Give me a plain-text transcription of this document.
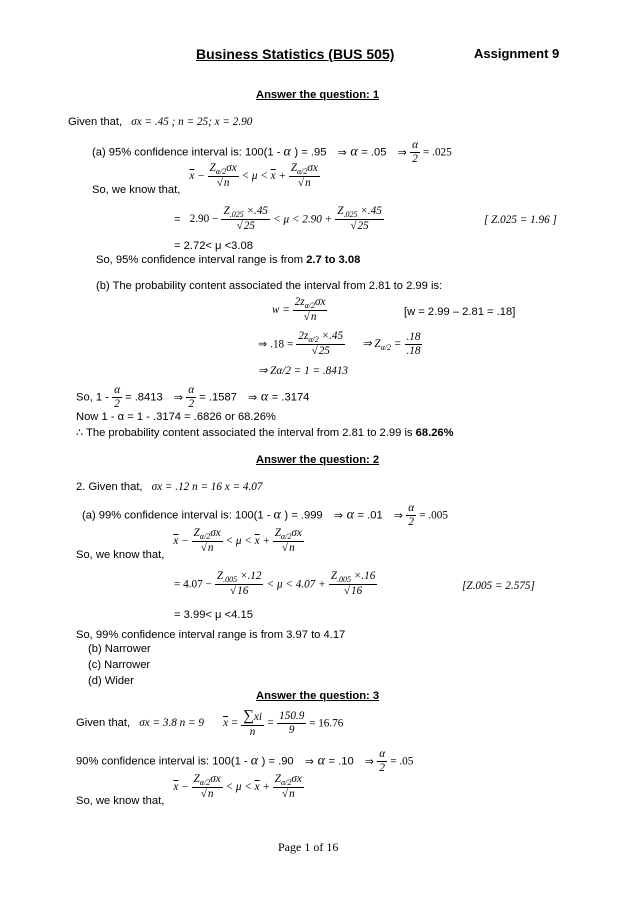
Business Statistics (BUS 505)	Assignment 9
Answer the question: 1
Given that, σx = .45 ; n = 25; x = 2.90
(a) 95% confidence interval is: 100(1 - α ) = .95 ⇒ α = .05 ⇒ $\frac{\alpha}{2} = .025$
So, we know that, $\overline{x} - \frac{Z_{\alpha/2}\sigma x}{√n} < \mu < \overline{x} + \frac{Z_{\alpha/2}\sigma x}{√n}$
= $2.90 - \frac{Z_{.025} \times.45}{√25} < \mu < 2.90 + \frac{Z_{.025} \times.45}{√25}$	[ Z.025 = 1.96 ]
= 2.72< μ <3.08
So, 95% confidence interval range is from 2.7 to 3.08
(b) The probability content associated the interval from 2.81 to 2.99 is:
$w = \frac{2z_{\alpha/2}\sigma x}{√n}$	[w = 2.99 – 2.81 = .18]
⇒ $.18 = \frac{2z_{\alpha/2} \times.45}{√25}$ ⇒ $Z_{\alpha/2} = \frac{.18}{.18}$
⇒ Zα/2 = 1 = .8413
So, $1 - \frac{\alpha}{2} = .8413$ ⇒ $\frac{\alpha}{2} = .1587$ ⇒ α = .3174
Now 1 - α = 1 - .3174 = .6826 or 68.26%
∴ The probability content associated the interval from 2.81 to 2.99 is 68.26%
Answer the question: 2
2. Given that, σx = .12 n = 16 x = 4.07
(a) 99% confidence interval is: 100(1 - α ) = .999 ⇒ α = .01 ⇒ $\frac{\alpha}{2} = .005$
So, we know that, $\overline{x} - \frac{Z_{\alpha/2}\sigma x}{√n} < \mu < \overline{x} + \frac{Z_{\alpha/2}\sigma x}{√n}$
= $4.07 - \frac{Z_{.005} \times.12}{√16} < \mu < 4.07 + \frac{Z_{.005} \times.16}{√16}$	[Z.005 = 2.575]
= 3.99< μ <4.15
So, 99% confidence interval range is from 3.97 to 4.17
(b) Narrower
(c) Narrower
(d) Wider
Answer the question: 3
Given that, σx = 3.8 n = 9 $\overline{x} = \frac{\sum xi}{n} = \frac{150.9}{9} = 16.76$
90% confidence interval is: 100(1 - α ) = .90 ⇒ α = .10 ⇒ $\frac{\alpha}{2} = .05$
So, we know that, $\overline{x} - \frac{Z_{\alpha/2}\sigma x}{√n} < \mu < \overline{x} + \frac{Z_{\alpha/2}\sigma x}{√n}$
Page 1 of 16
